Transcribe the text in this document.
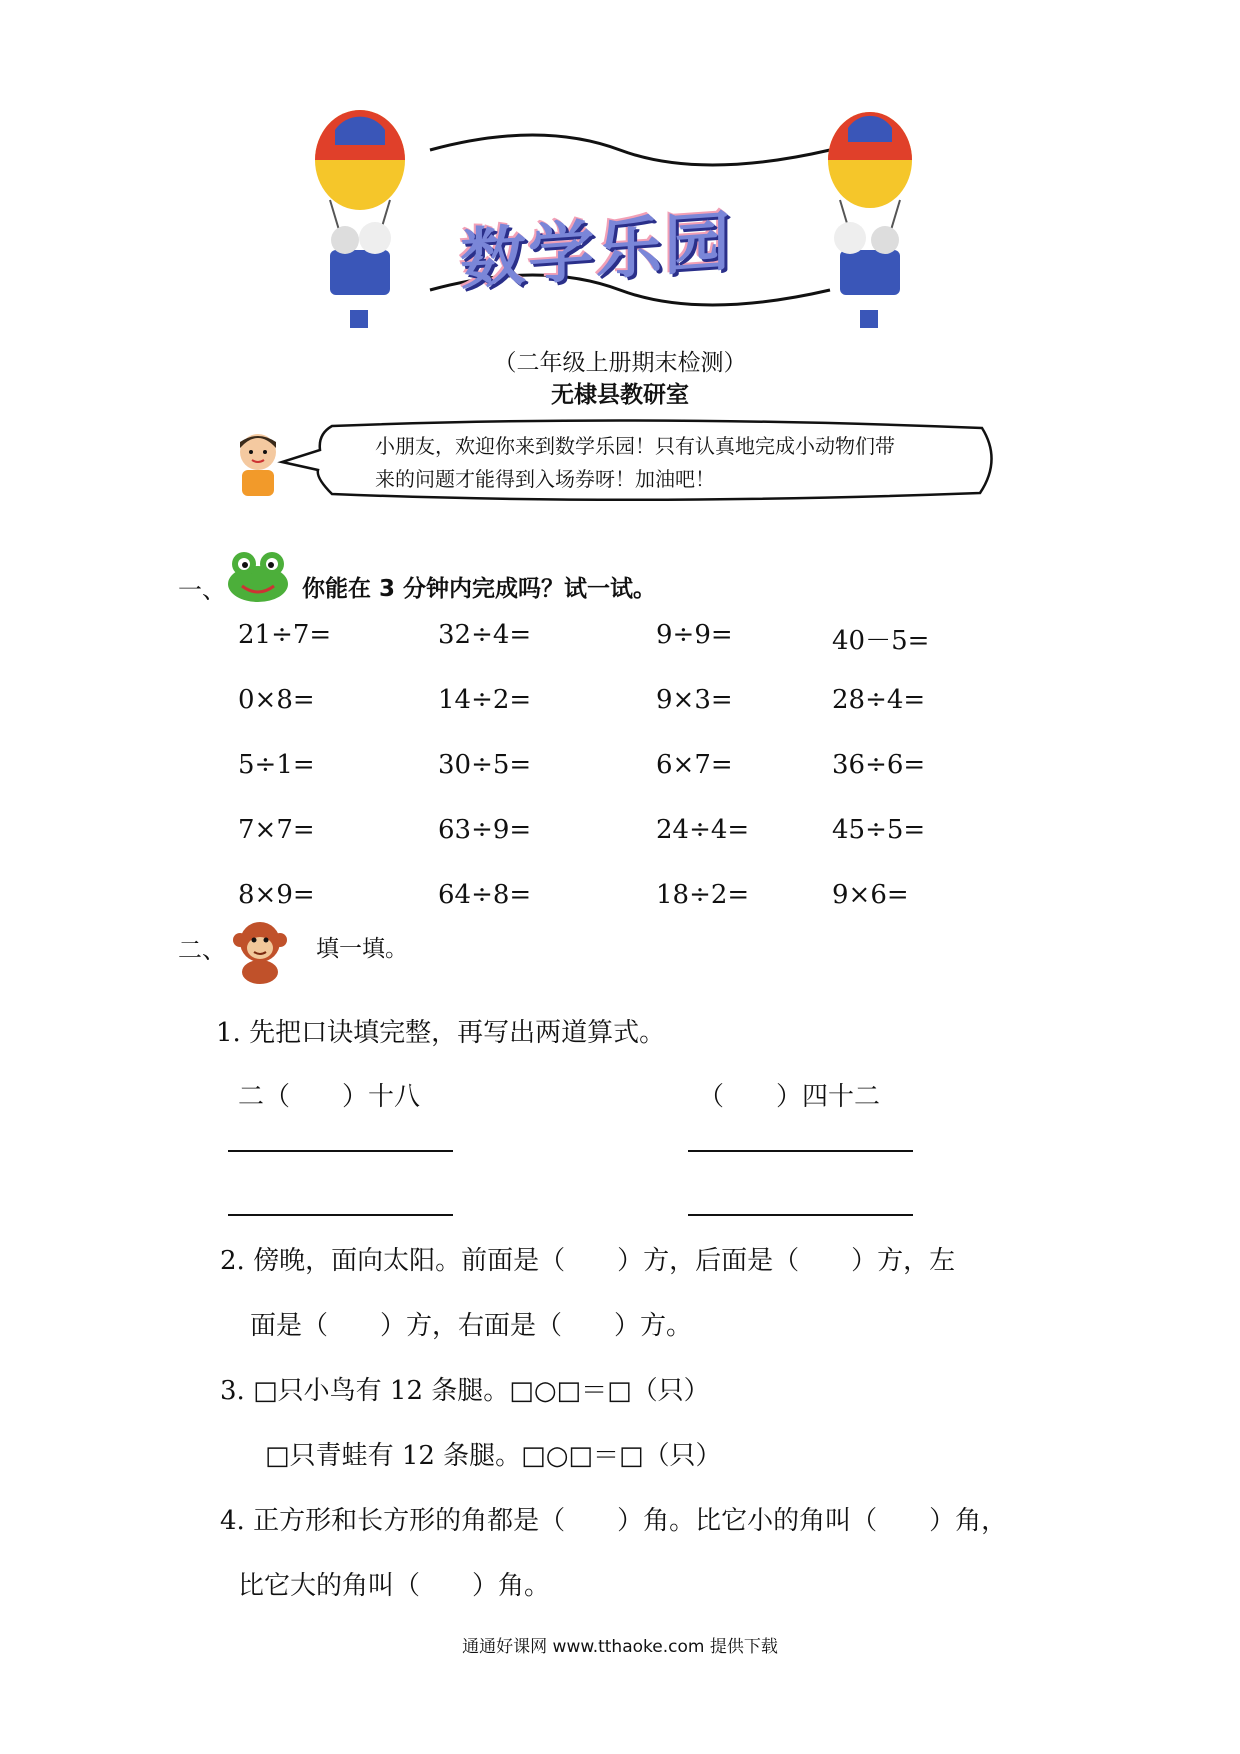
数学乐园
（二年级上册期末检测）
无棣县教研室
小朋友，欢迎你来到数学乐园！只有认真地完成小动物们带
来的问题才能得到入场券呀！加油吧！
一、	你能在 3 分钟内完成吗？试一试。
21÷7=	32÷4=	9÷9=	40－5=
0×8=	14÷2=	9×3=	28÷4=
5÷1=	30÷5=	6×7=	36÷6=
7×7=	63÷9=	24÷4=	45÷5=
8×9=	64÷8=	18÷2=	9×6=
二、	填一填。
1. 先把口诀填完整，再写出两道算式。
二（　　）十八	（　　）四十二
2. 傍晚，面向太阳。前面是（　　）方，后面是（　　）方，左
面是（　　）方，右面是（　　）方。
3. □只小鸟有 12 条腿。□○□＝□（只）
□只青蛙有 12 条腿。□○□＝□（只）
4. 正方形和长方形的角都是（　　）角。比它小的角叫（　　）角，
比它大的角叫（　　）角。
通通好课网 www.tthaoke.com 提供下载
